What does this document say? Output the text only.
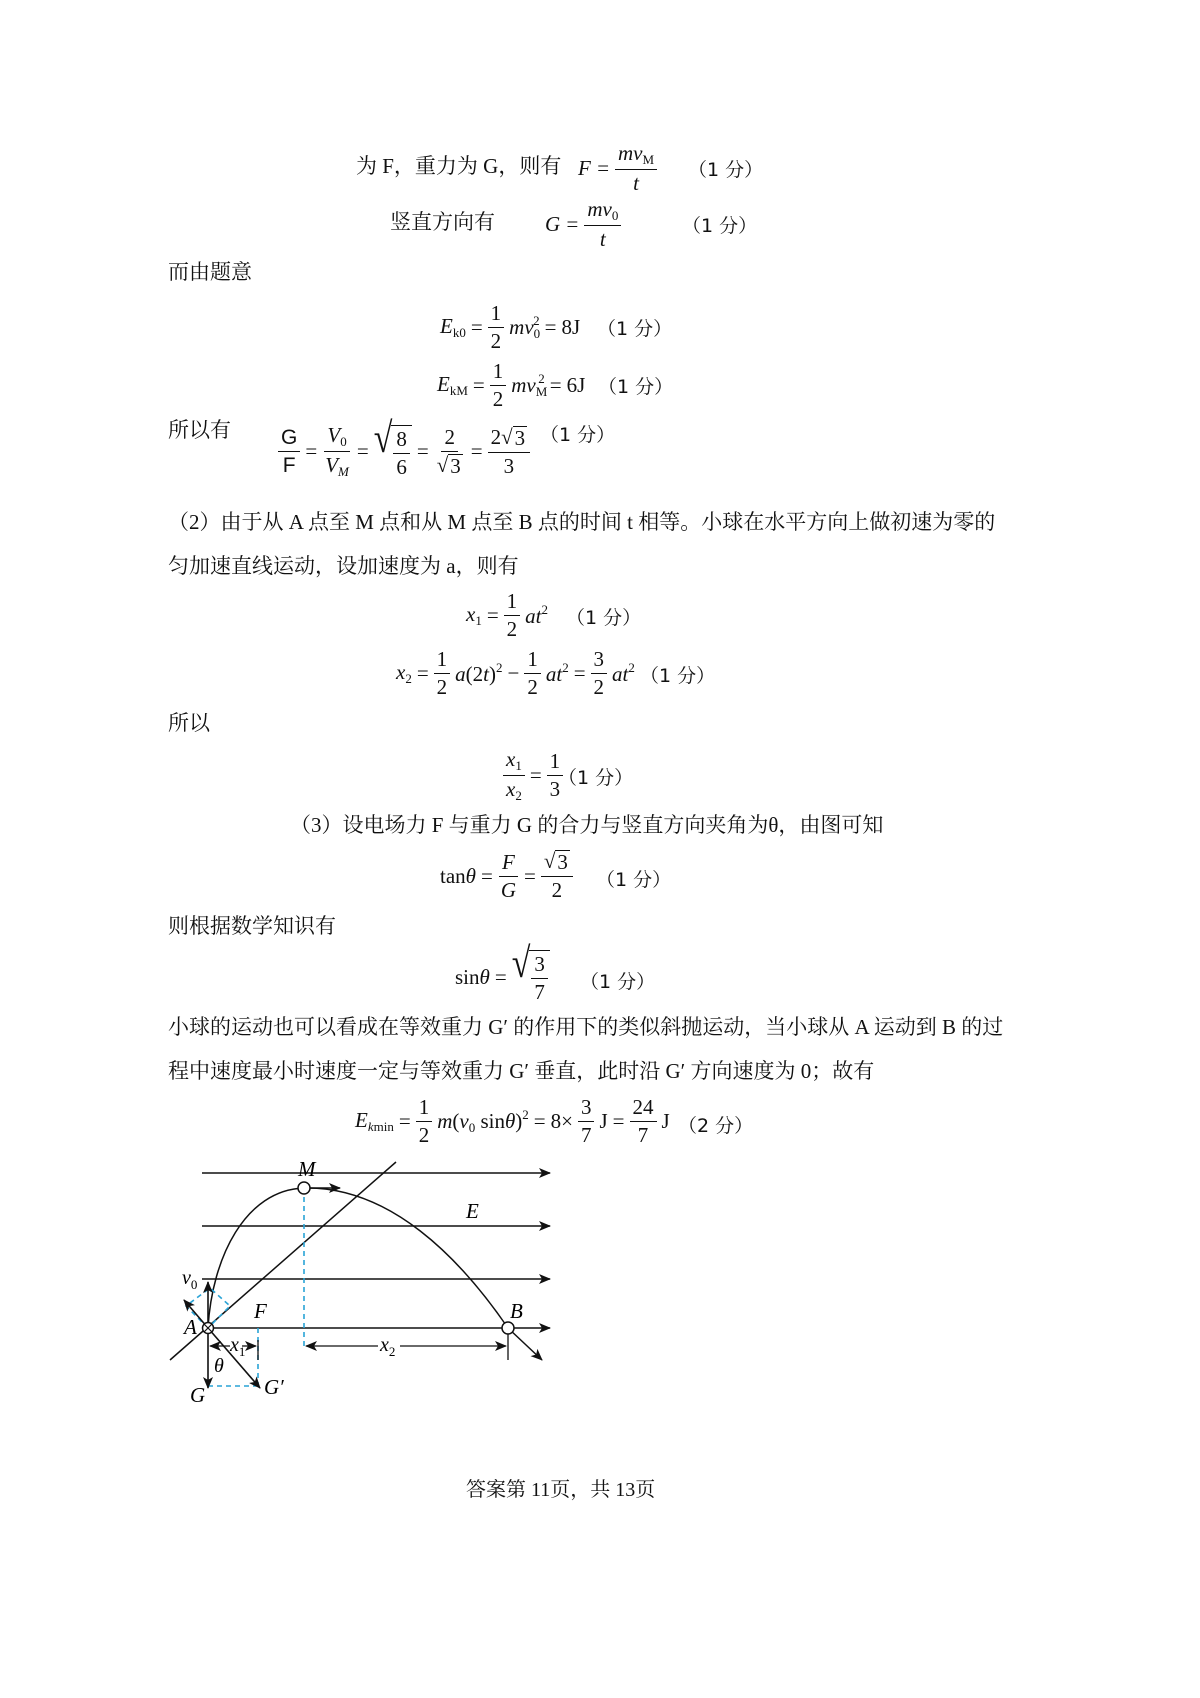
为 F，重力为 G，则有 $F = \frac{mv_M}{t} (1$ 分）
竖直方向有 $G = \frac{mv_0}{t}$	（1 分）
而由题意
$E_{k0} = \frac{1}{2} mv_0^2 = 8J$ （1 分）
$E_{kM} = \frac{1}{2} mv_M^2 = 6J$ （1 分）
所以有 $\frac{G}{F} = \frac{V_0}{V_M}$ = √ $\frac{8}{6} = \frac{2}{√ 3} = \frac{2 √ 3}{3} (1$ 分）
（2）由于从 A 点至 M 点和从 M 点至 B 点的时间 t 相等。小球在水平方向上做初速为零的
匀加速直线运动，设加速度为 a，则有
$x_1 = \frac{1}{2} at^2$ （1 分）
$x_2 = \frac{1}{2} a(2t)^2 - \frac{1}{2} at^2 = \frac{3}{2} at^2$ （1 分）
所以
$\frac{x_1}{x_2} = \frac{1}{3}$
（1 分）
（3）设电场力 F 与重力 G 的合力与竖直方向夹角为θ，由图可知
$\tan\theta = \frac{F}{G} = \frac{√ 3}{2} (1$ 分）
则根据数学知识有
sinθ = √ $\frac{3}{7} (1$ 分）
小球的运动也可以看成在等效重力 G′ 的作用下的类似斜抛运动，当小球从 A 运动到 B 的过
程中速度最小时速度一定与等效重力 G′ 垂直，此时沿 G′ 方向速度为 0；故有
$E_{kmin} = \frac{1}{2} m(v_0$ $\sin\theta)^2 = 8\times \frac{3}{7}$ $J = \frac{24}{7}$ J （2 分）
M
E
$v_0$
A
F	B
$x_1$	$x_2$
θ
G	G′
答案第 11页，共 13页
